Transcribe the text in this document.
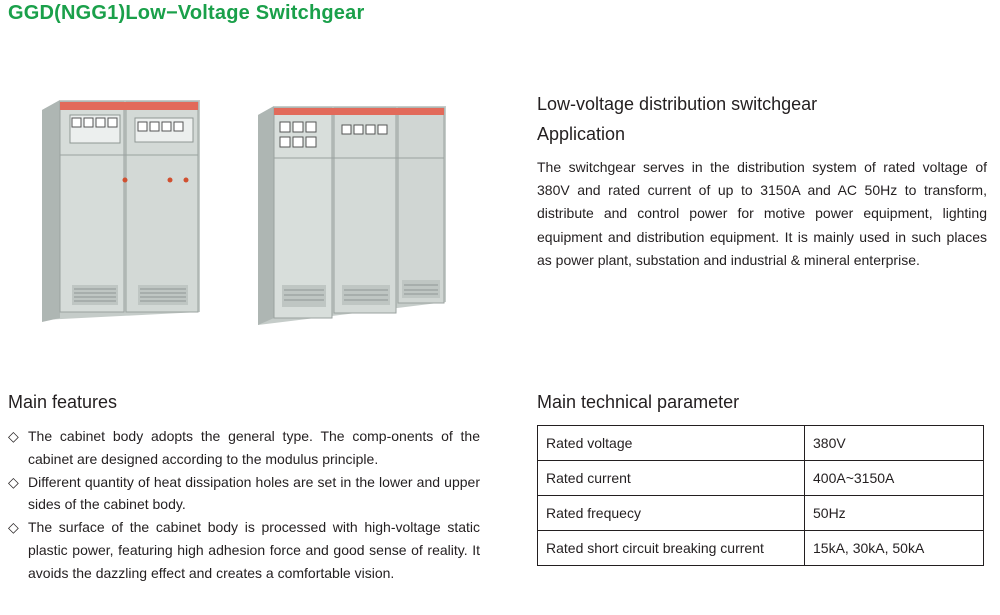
GGD(NGG1)Low−Voltage Switchgear
Low-voltage distribution switchgear
Application

The switchgear serves in the distribution system of rated voltage of 380V and rated current of up to 3150A and AC 50Hz to transform, distribute and control power for motive power equipment, lighting equipment and distribution equipment. It is mainly used in such places as power plant, substation and industrial & mineral enterprise.

Main features
◇ The cabinet body adopts the general type. The comp-onents of the cabinet are designed according to the modulus principle.
◇ Different quantity of heat dissipation holes are set in the lower and upper sides of the cabinet body.
◇ The surface of the cabinet body is processed with high-voltage static plastic power, featuring high adhesion force and good sense of reality. It avoids the dazzling effect and creates a comfortable vision.
Main technical parameter
Rated voltage	380V
Rated current	400A~3150A
Rated frequecy	50Hz
Rated short circuit breaking current	15kA, 30kA, 50kA
